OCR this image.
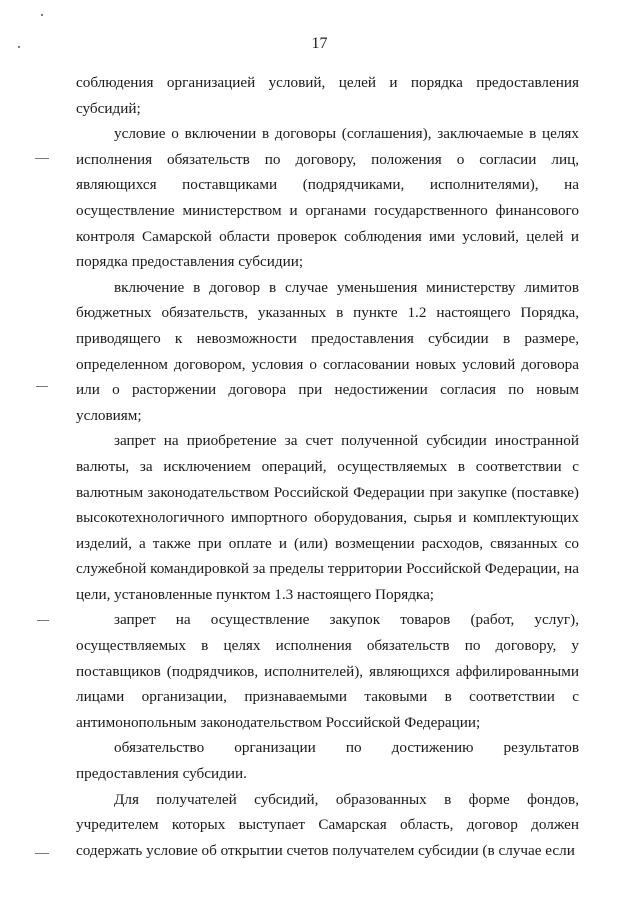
17

соблюдения организацией условий, целей и порядка предоставления субсидий;

условие о включении в договоры (соглашения), заключаемые в целях исполнения обязательств по договору, положения о согласии лиц, являющихся поставщиками (подрядчиками, исполнителями), на осуществление министерством и органами государственного финансового контроля Самарской области проверок соблюдения ими условий, целей и порядка предоставления субсидии;

включение в договор в случае уменьшения министерству лимитов бюджетных обязательств, указанных в пункте 1.2 настоящего Порядка, приводящего к невозможности предоставления субсидии в размере, определенном договором, условия о согласовании новых условий договора или о расторжении договора при недостижении согласия по новым условиям;

запрет на приобретение за счет полученной субсидии иностранной валюты, за исключением операций, осуществляемых в соответствии с валютным законодательством Российской Федерации при закупке (поставке) высокотехнологичного импортного оборудования, сырья и комплектующих изделий, а также при оплате и (или) возмещении расходов, связанных со служебной командировкой за пределы территории Российской Федерации, на цели, установленные пунктом 1.3 настоящего Порядка;

запрет на осуществление закупок товаров (работ, услуг), осуществляемых в целях исполнения обязательств по договору, у поставщиков (подрядчиков, исполнителей), являющихся аффилированными лицами организации, признаваемыми таковыми в соответствии с антимонопольным законодательством Российской Федерации;

обязательство организации по достижению результатов предоставления субсидии.

Для получателей субсидий, образованных в форме фондов, учредителем которых выступает Самарская область, договор должен содержать условие об открытии счетов получателем субсидии (в случае если
